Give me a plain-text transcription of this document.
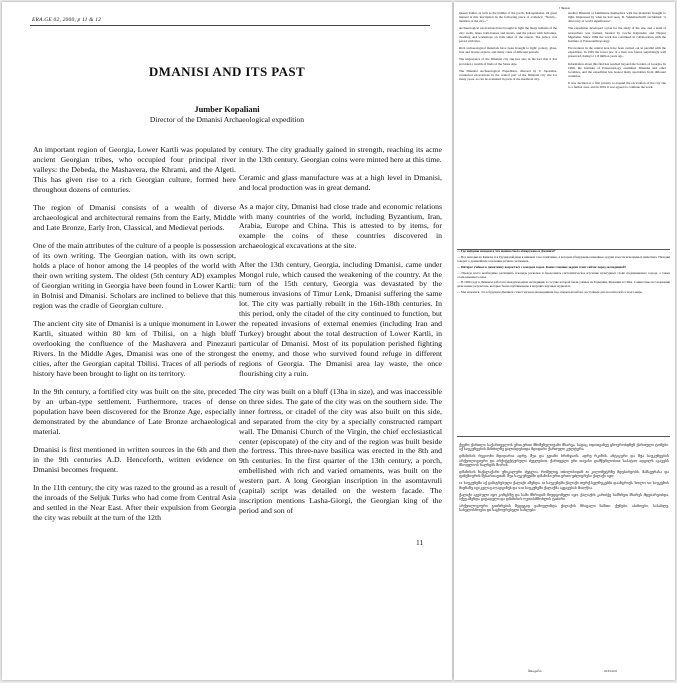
ERA.GE 02, 2000, p 11 & 12
DMANISI AND ITS PAST
Jumber Kopaliani
Director of the Dmanisi Archaeological expedition

An important region of Georgia, Lower Kartli was populated by ancient Georgian tribes, who occupied four principal river valleys: the Debeda, the Mashavera, the Khrami, and the Algeti. This has given rise to a rich Georgian culture, formed here throughout dozens of centuries.

The region of Dmanisi consists of a wealth of diverse archaeological and architectural remains from the Early, Middle and Late Bronze, Early Iron, Classical, and Medieval periods.

One of the main attributes of the culture of a people is possession of its own writing. The Georgian nation, with its own script, holds a place of honor among the 14 peoples of the world with their own writing system. The oldest (5th century AD) examples of Georgian writing in Georgia have been found in Lower Kartli: in Bolnisi and Dmanisi. Scholars are inclined to believe that this region was the cradle of Georgian culture.

The ancient city site of Dmanisi is a unique monument in Lower Kartli, situated within 80 km of Tbilisi, on a high bluff overlooking the confluence of the Mashavera and Pinezauri Rivers. In the Middle Ages, Dmanisi was one of the strongest cities, after the Georgian capital Tbilisi. Traces of all periods of history have been brought to light on its territory.

In the 9th century, a fortified city was built on the site, preceded by an urban-type settlement. Furthermore, traces of dense population have been discovered for the Bronze Age, especially demonstrated by the abundance of Late Bronze archaeological material.

Dmanisi is first mentioned in written sources in the 6th and then in the 9th centuries A.D. Henceforth, written evidence on Dmanisi becomes frequent.

In the 11th century, the city was razed to the ground as a result of the inroads of the Seljuk Turks who had come from Central Asia and settled in the Near East. After their expulsion from Georgia the city was rebuilt at the turn of the 12th

century. The city gradually gained in strength, reaching its acme in the 13th century. Georgian coins were minted here at this time.

Ceramic and glass manufacture was at a high level in Dmanisi, and local production was in great demand.

As a major city, Dmanisi had close trade and economic relations with many countries of the world, including Byzantium, Iran, Arabia, Europe and China. This is attested to by items, for example the coins of these countries discovered in archaeological excavations at the site.

After the 13th century, Georgia, including Dmanisi, came under Mongol rule, which caused the weakening of the country. At the turn of the 15th century, Georgia was devastated by the numerous invasions of Timur Lenk, Dmanisi suffering the same lot. The city was partially rebuilt in the 16th-18th centuries. In this period, only the citadel of the city continued to function, but the repeated invasions of external enemies (including Iran and Turkey) brought about the total destruction of Lower Kartli, in particular of Dmanisi. Most of its population perished fighting the enemy, and those who survived found refuge in different regions of Georgia. The Dmanisi area lay waste, the once flourishing city a ruin.

The city was built on a bluff (13ha in size), and was inaccessible on three sides. The gate of the city was on the southern side. The inner fortress, or citadel of the city was also built on this side, and separated from the city by a specially constructed rampart wall. The Dmanisi Church of the Virgin, the chief ecclesiastical center (episcopate) of the city and of the region was built beside the fortress. This three-nave basilica was erected in the 8th and 9th centuries. In the first quarter of the 13th century, a porch, embellished with rich and varied ornaments, was built on the western part. A long Georgian inscription in the asomtavruli (capital) script was detailed on the western facade. The inscription mentions Lasha-Giorgi, the Georgian king of the period and son of

11
I Чкаіом

Queen Tamar, as well as the builder of the porch, Kalaqeteladze. Of great interest is this inscription in the following piece of evidence: "Newly... mention of the city..."

Archaeological excavations have brought to light the many remains of the city: wells, lanes, bath-houses and streets, and the palace with balconies, dwelling and workshops on both sides of the streets. The palace was paved with tiles.

Rich archaeological materials have been brought to light: pottery, glass, iron and bronze objects, and many coins of different periods.

The importance of the Dmanisi city site lies also in the fact that it has provided a wealth of finds of the Stone Age.

The Dmanisi Archaeological Expedition, directed by V. Japaridze, conducted excavations in the central part of the Dmanisi city site for many years, as can be evaluated in parts of the medieval city.

studied Dmanisi or familiarize themselves with the materials brought to light. Impressed by what he had seen, D. Vekhebezbsvili exclaimed: "a discovery of world significance".

The expedition developed a plan for the study of the site, and a team of researchers was formed, headed by Gocha Kiguradze and Nugzar Mgeladze. Since 1984 the work has continued in collaboration with the Institute of Palaeoanthropology.

Excavations in the central area have been carried out in parallel with the expedition. In 1991 the lower jaw of a man was found, surprisingly well preserved, dating to 1.8 million years ago.

Information about this find has reached beyond the borders of Georgia. In 1999, the Institute of Palaeontology examined Dmanisi and other localities, and the expedition has hosted many specialists from different countries.

It was decided as a first priority to expand the excavation of the city site to a further area, and in 2001 it was agreed to continue the work.

— Где найдены находки и что именно было обнаружено в Дманиси?

— Все находки на Кавказе и в Грузии найдены в нижнем слое памятника, в котором обнаружены каменные орудия и кости ископаемых животных. Находки говорят о древнейшем заселении региона человеком.

— Интерес учёных к памятнику возрастает с каждым годом. Какие главные задачи стоят сейчас перед экспедицией?

— Прежде всего необходимо расширить площадь раскопок и продолжить систематическое изучение культурных слоёв средневекового города, а также слоёв каменного века.

— В 1999 году в Дманиси работала международная экспедиция, в составе которой были учёные из Германии, Франции и США. Совместные исследования дали новые результаты, которые были опубликованы в ведущих научных журналах.

— Мы надеемся, что в будущем Дманиси станет музеем-заповедником под открытым небом, доступным для посетителей со всего мира.

ქვემო ქართლი საქართველოს ერთ-ერთი მნიშვნელოვანი მხარეა, სადაც ოდითგანვე ცხოვრობდნენ ქართული ტომები. აქ საუკუნეების მანძილზე ყალიბდებოდა მდიდარი ქართული კულტურა.

დმანისის რეგიონი მდიდარია ადრე, შუა და გვიანი ბრინჯაოს, ადრე რკინის, ანტიკური და შუა საუკუნეების არქეოლოგიური და არქიტექტურული ძეგლებით. ქართველი ერი თავისი დამწერლობით საპატიო ადგილს იკავებს მსოფლიოს ხალხებს შორის.

დმანისის ნაქალაქარი უნიკალური ძეგლია, რომელიც თბილისიდან 80 კილომეტრზე მდებარეობს, მაშავერასა და ფინეზაურის შესართავთან. შუა საუკუნეებში დმანისი ერთ-ერთი უძლიერესი ქალაქი იყო.

IX საუკუნეში აქ გამაგრებული ქალაქი აშენდა. XI საუკუნეში ქალაქი თურქ-სელჩუკებმა დაანგრიეს, ხოლო XII საუკუნის მიჯნაზე იგი კვლავ აღადგინეს და XIII საუკუნეში ქალაქმა აყვავებას მიაღწია.

ქალაქი აგებული იყო კონცხზე და სამი მხრიდან მიუდგომელი იყო. ქალაქის კარიბჭე სამხრეთ მხარეს მდებარეობდა, აქვე აშენდა ციტადელი და დმანისის ღვთისმშობლის ტაძარი.

არქეოლოგიური გათხრების შედეგად გამოვლინდა ქალაქის მრავალი ნაშთი: ქუჩები, აბანოები, სასახლე, სახელოსნოები და საცხოვრებელი სახლები.

მთავარი	02.03.2011
